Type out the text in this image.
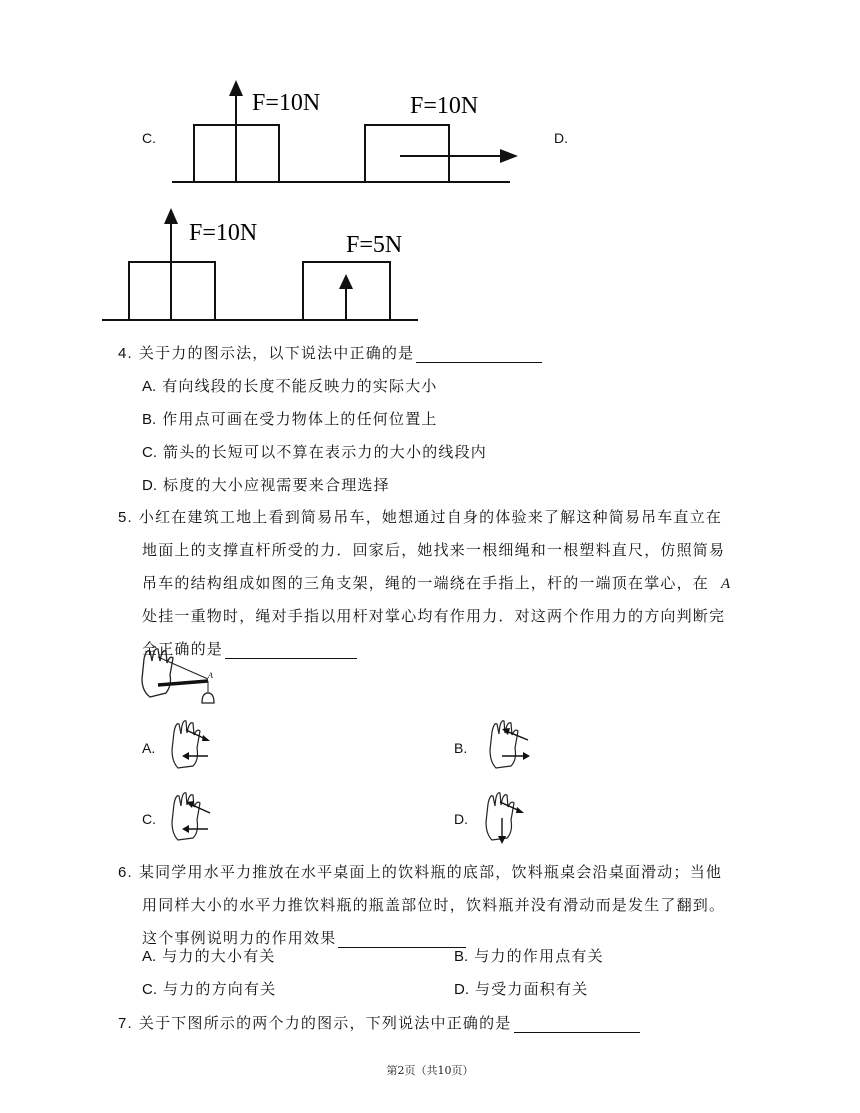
C.	D.
F=10N	F=10N
F=10N	F=5N
4. 关于力的图示法，以下说法中正确的是
A. 有向线段的长度不能反映力的实际大小
B. 作用点可画在受力物体上的任何位置上
C. 箭头的长短可以不算在表示力的大小的线段内
D. 标度的大小应视需要来合理选择
5. 小红在建筑工地上看到简易吊车，她想通过自身的体验来了解这种简易吊车直立在
地面上的支撑直杆所受的力．回家后，她找来一根细绳和一根塑料直尺，仿照简易
吊车的结构组成如图的三角支架，绳的一端绕在手指上，杆的一端顶在掌心，在 A
处挂一重物时，绳对手指以用杆对掌心均有作用力．对这两个作用力的方向判断完
全正确的是
A
A.	B.
C.	D.
6. 某同学用水平力推放在水平桌面上的饮料瓶的底部，饮料瓶桌会沿桌面滑动；当他
用同样大小的水平力推饮料瓶的瓶盖部位时，饮料瓶并没有滑动而是发生了翻到。
这个事例说明力的作用效果
A. 与力的大小有关	B. 与力的作用点有关
C. 与力的方向有关	D. 与受力面积有关
7. 关于下图所示的两个力的图示，下列说法中正确的是
第2页（共10页）
